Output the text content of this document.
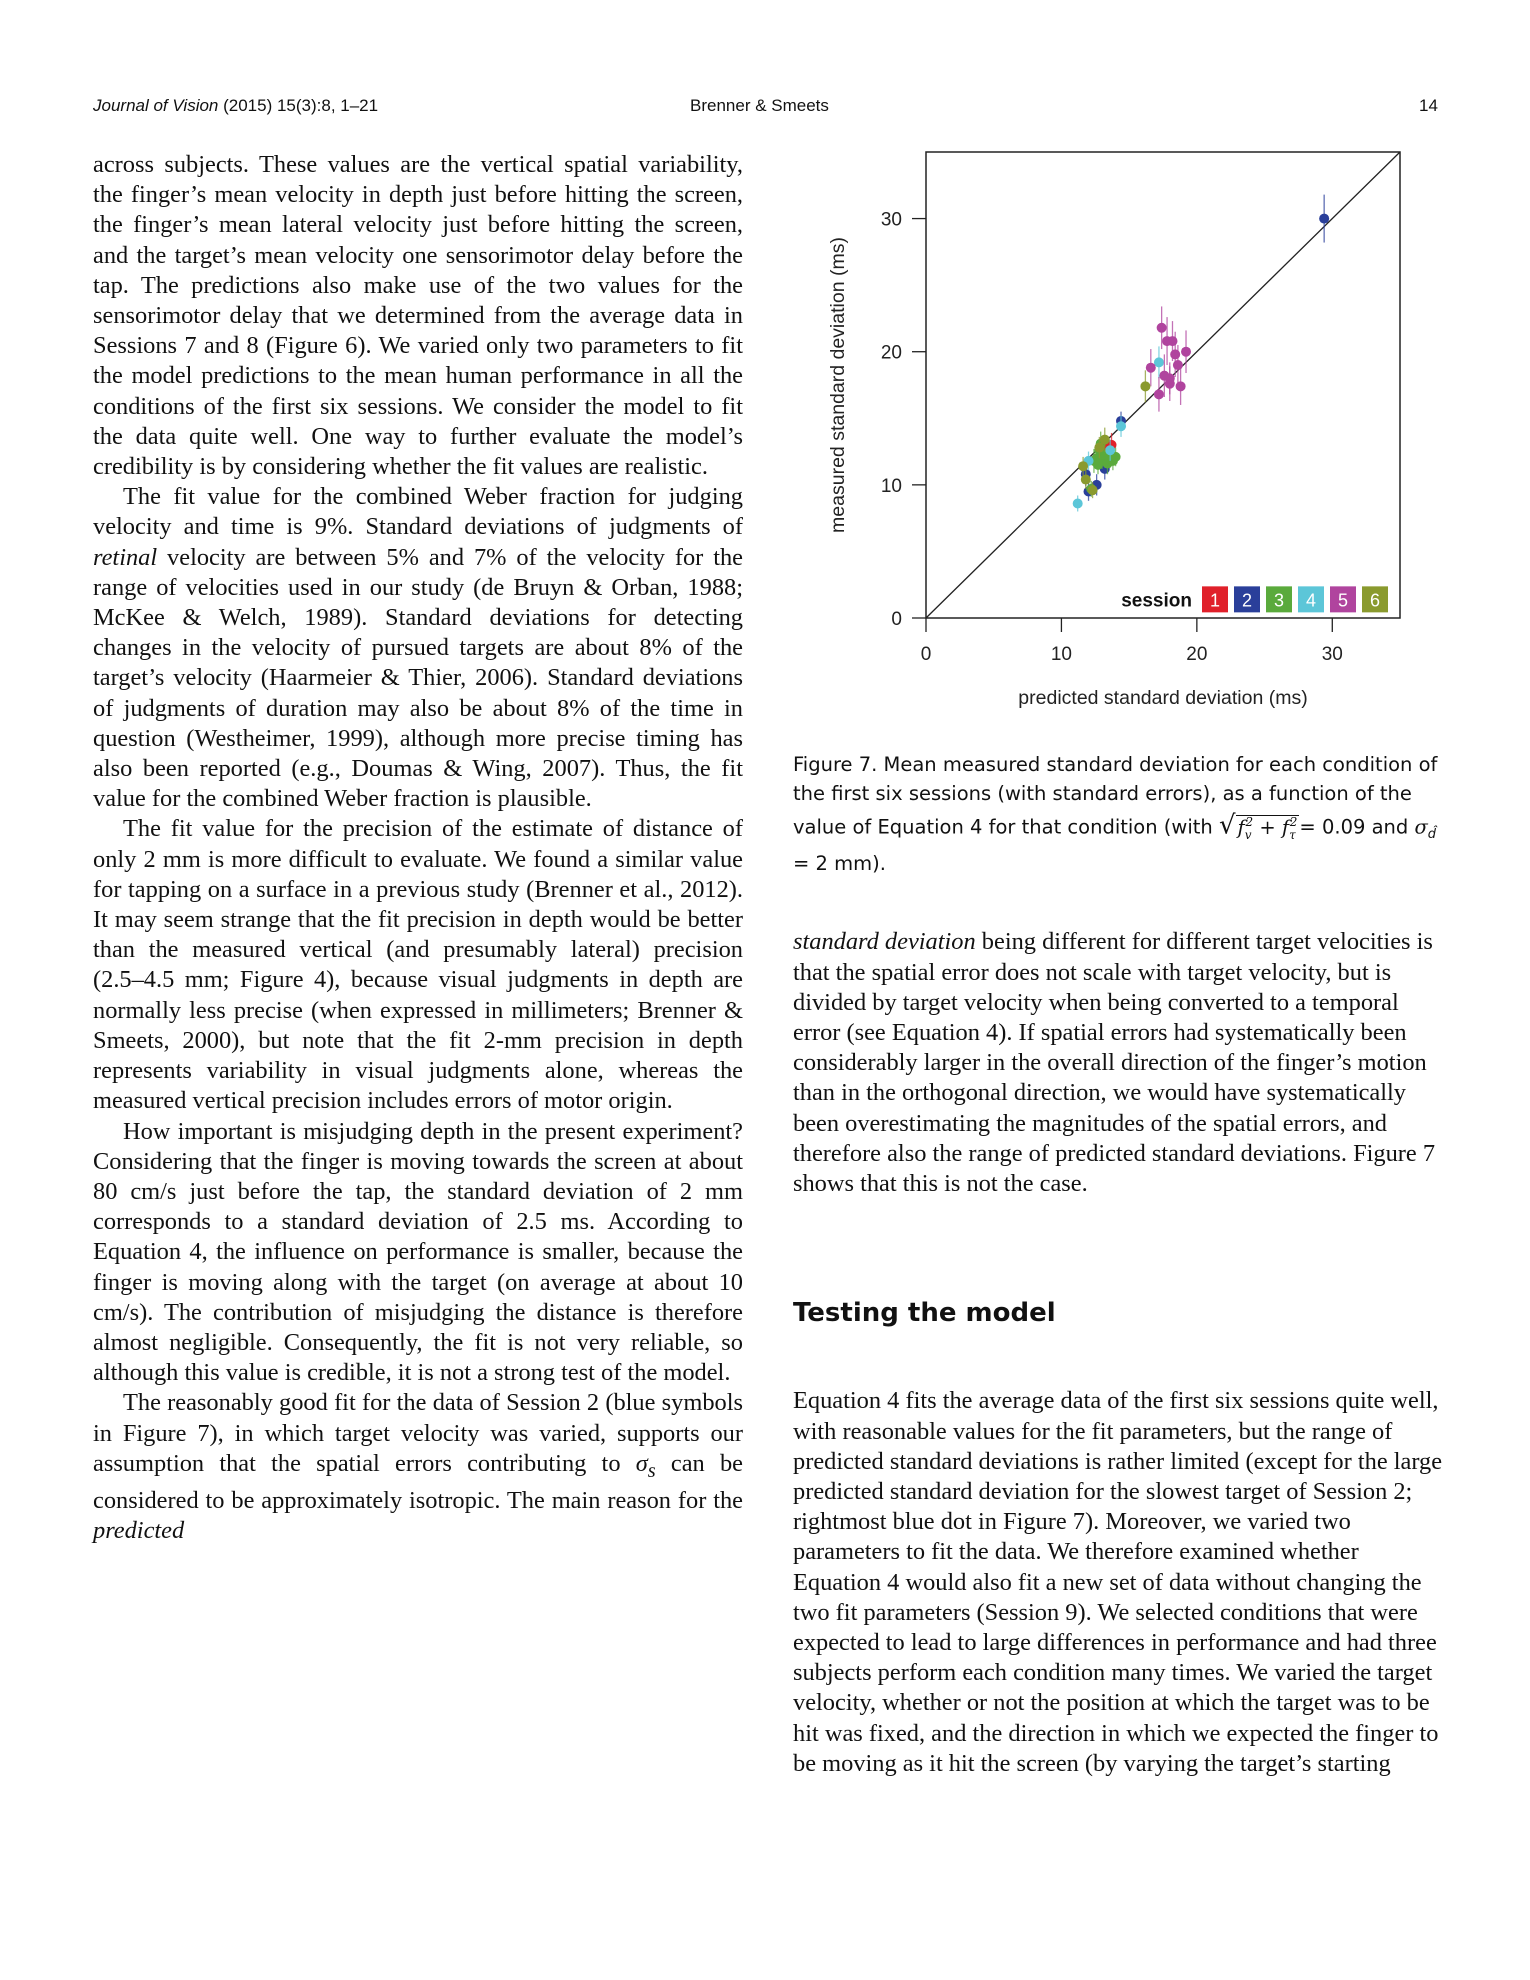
Journal of Vision (2015) 15(3):8, 1–21	Brenner & Smeets	14

across subjects. These values are the vertical spatial variability, the finger’s mean velocity in depth just before hitting the screen, the finger’s mean lateral velocity just before hitting the screen, and the target’s mean velocity one sensorimotor delay before the tap. The predictions also make use of the two values for the sensorimotor delay that we determined from the average data in Sessions 7 and 8 (Figure 6). We varied only two parameters to fit the model predictions to the mean human performance in all the conditions of the first six sessions. We consider the model to fit the data quite well. One way to further evaluate the model’s credibility is by considering whether the fit values are realistic.

The fit value for the combined Weber fraction for judging velocity and time is 9%. Standard deviations of judgments of retinal velocity are between 5% and 7% of the velocity for the range of velocities used in our study (de Bruyn & Orban, 1988; McKee & Welch, 1989). Standard deviations for detecting changes in the velocity of pursued targets are about 8% of the target’s velocity (Haarmeier & Thier, 2006). Standard deviations of judgments of duration may also be about 8% of the time in question (Westheimer, 1999), although more precise timing has also been reported (e.g., Doumas & Wing, 2007). Thus, the fit value for the combined Weber fraction is plausible.

The fit value for the precision of the estimate of distance of only 2 mm is more difficult to evaluate. We found a similar value for tapping on a surface in a previous study (Brenner et al., 2012). It may seem strange that the fit precision in depth would be better than the measured vertical (and presumably lateral) precision (2.5–4.5 mm; Figure 4), because visual judgments in depth are normally less precise (when expressed in millimeters; Brenner & Smeets, 2000), but note that the fit 2-mm precision in depth represents variability in visual judgments alone, whereas the measured vertical precision includes errors of motor origin.

How important is misjudging depth in the present experiment? Considering that the finger is moving towards the screen at about 80 cm/s just before the tap, the standard deviation of 2 mm corresponds to a standard deviation of 2.5 ms. According to Equation 4, the influence on performance is smaller, because the finger is moving along with the target (on average at about 10 cm/s). The contribution of misjudging the distance is therefore almost negligible. Consequently, the fit is not very reliable, so although this value is credible, it is not a strong test of the model.

The reasonably good fit for the data of Session 2 (blue symbols in Figure 7), in which target velocity was varied, supports our assumption that the spatial errors contributing to $\sigma_s$ can be considered to be approximately isotropic. The main reason for the predicted

0	10	20	30
0
10
20
30
predicted standard deviation (ms)
measured standard deviation (ms)
session 1 2 3 4 5 6

Figure 7. Mean measured standard deviation for each condition of the first six sessions (with standard errors), as a function of the value of Equation 4 for that condition (with √ $f_v^2 + f_\tau^2 = 0.09$ and $\sigma_{d̂} = 2$ mm).

standard deviation being different for different target velocities is that the spatial error does not scale with target velocity, but is divided by target velocity when being converted to a temporal error (see Equation 4). If spatial errors had systematically been considerably larger in the overall direction of the finger’s motion than in the orthogonal direction, we would have systematically been overestimating the magnitudes of the spatial errors, and therefore also the range of predicted standard deviations. Figure 7 shows that this is not the case.

Testing the model

Equation 4 fits the average data of the first six sessions quite well, with reasonable values for the fit parameters, but the range of predicted standard deviations is rather limited (except for the large predicted standard deviation for the slowest target of Session 2; rightmost blue dot in Figure 7). Moreover, we varied two parameters to fit the data. We therefore examined whether Equation 4 would also fit a new set of data without changing the two fit parameters (Session 9). We selected conditions that were expected to lead to large differences in performance and had three subjects perform each condition many times. We varied the target velocity, whether or not the position at which the target was to be hit was fixed, and the direction in which we expected the finger to be moving as it hit the screen (by varying the target’s starting
